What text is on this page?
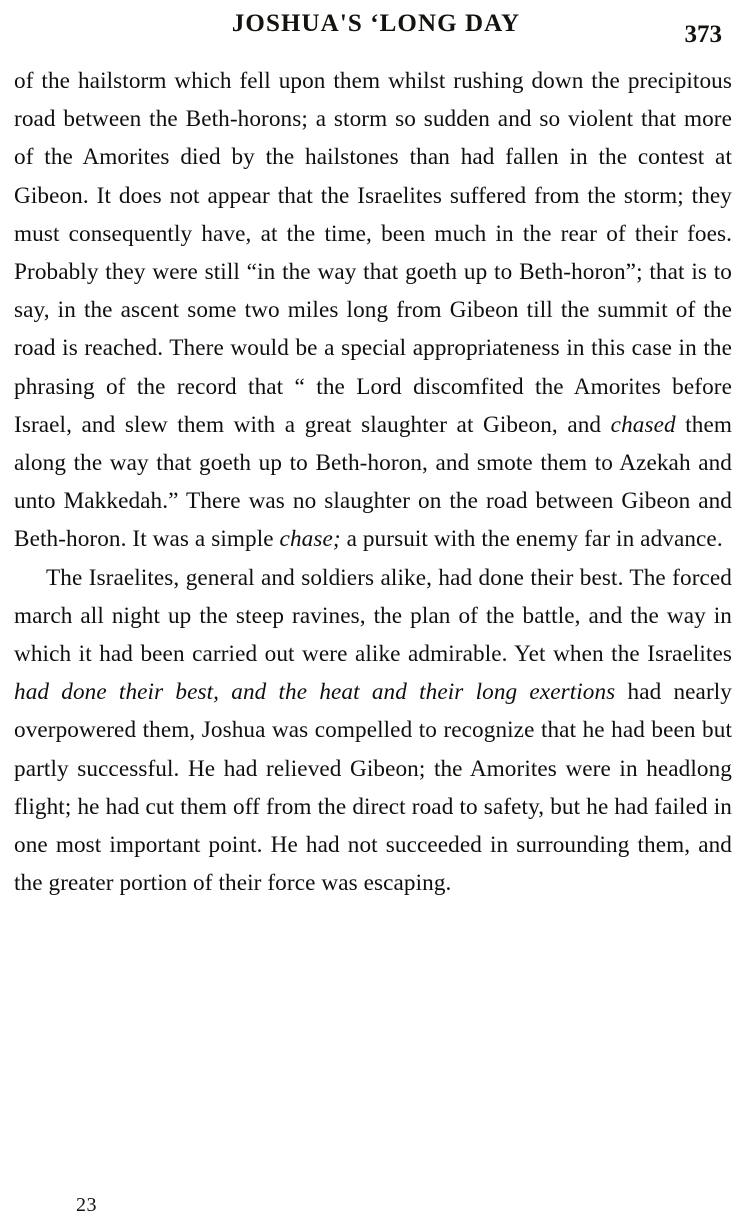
JOSHUA'S ‘LONG DAY	373

of the hailstorm which fell upon them whilst rushing down the precipitous road between the Beth-horons; a storm so sudden and so violent that more of the Amorites died by the hailstones than had fallen in the contest at Gibeon. It does not appear that the Israelites suffered from the storm; they must consequently have, at the time, been much in the rear of their foes. Probably they were still “in the way that goeth up to Beth-horon”; that is to say, in the ascent some two miles long from Gibeon till the summit of the road is reached. There would be a special appropriateness in this case in the phrasing of the record that “ the Lord discomfited the Amorites before Israel, and slew them with a great slaughter at Gibeon, and chased them along the way that goeth up to Beth-horon, and smote them to Azekah and unto Makkedah.” There was no slaughter on the road between Gibeon and Beth-horon. It was a simple chase; a pursuit with the enemy far in advance.

The Israelites, general and soldiers alike, had done their best. The forced march all night up the steep ravines, the plan of the battle, and the way in which it had been carried out were alike admirable. Yet when the Israelites had done their best, and the heat and their long exertions had nearly overpowered them, Joshua was compelled to recognize that he had been but partly successful. He had relieved Gibeon; the Amorites were in headlong flight; he had cut them off from the direct road to safety, but he had failed in one most important point. He had not succeeded in surrounding them, and the greater portion of their force was escaping.

23
